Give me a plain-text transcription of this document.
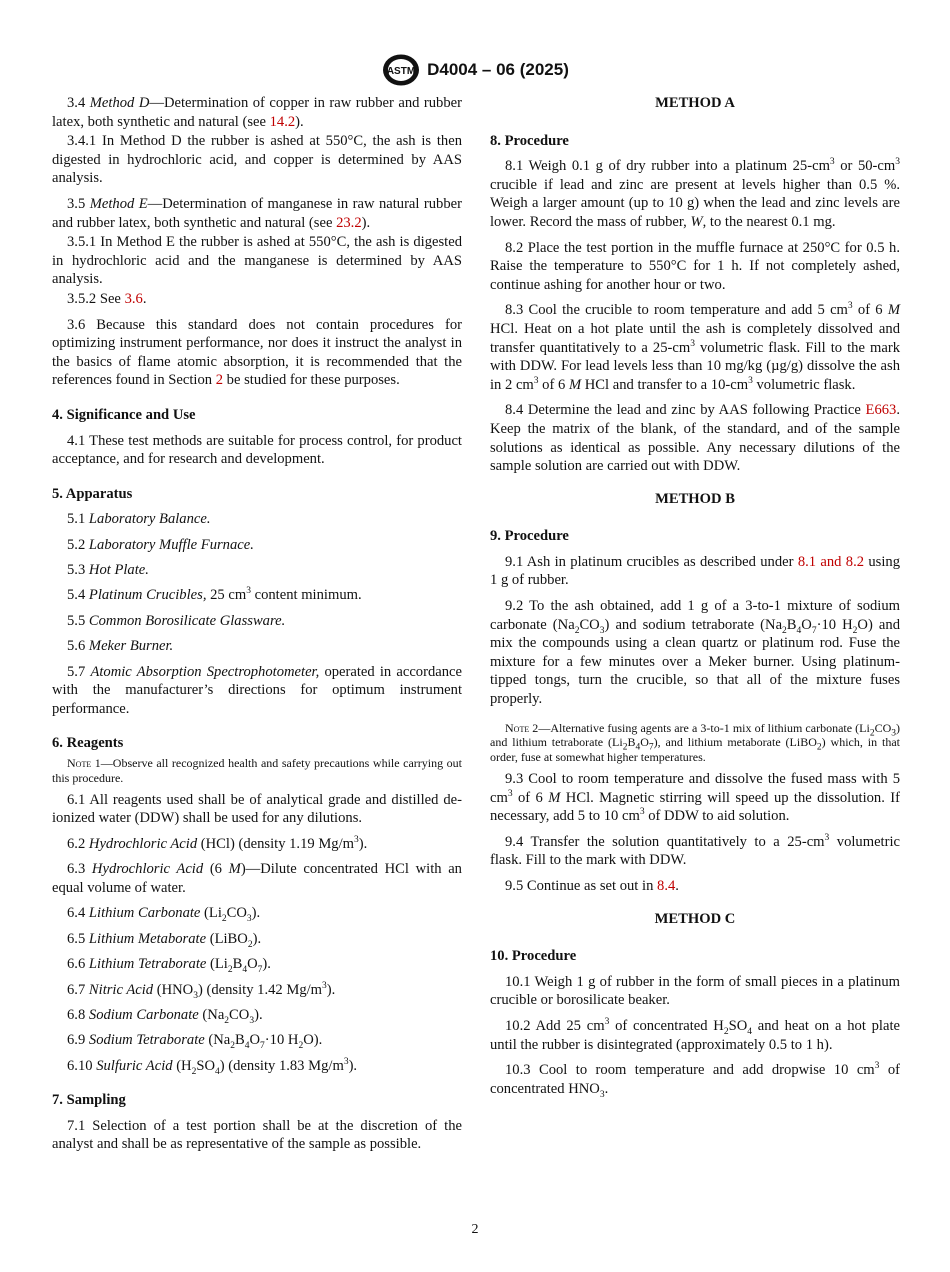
ASTM D4004 – 06 (2025)

3.4 Method D—Determination of copper in raw rubber and rubber latex, both synthetic and natural (see 14.2).

3.4.1 In Method D the rubber is ashed at 550°C, the ash is then digested in hydrochloric acid, and copper is determined by AAS analysis.

3.5 Method E—Determination of manganese in raw natural rubber and rubber latex, both synthetic and natural (see 23.2).

3.5.1 In Method E the rubber is ashed at 550°C, the ash is digested in hydrochloric acid and the manganese is determined by AAS analysis.

3.5.2 See 3.6.

3.6 Because this standard does not contain procedures for optimizing instrument performance, nor does it instruct the analyst in the basics of flame atomic absorption, it is recommended that the references found in Section 2 be studied for these purposes.

4. Significance and Use

4.1 These test methods are suitable for process control, for product acceptance, and for research and development.

5. Apparatus
5.1 Laboratory Balance.
5.2 Laboratory Muffle Furnace.
5.3 Hot Plate.
5.4 Platinum Crucibles, 25 $cm^3$ content minimum.
5.5 Common Borosilicate Glassware.
5.6 Meker Burner.

5.7 Atomic Absorption Spectrophotometer, operated in accordance with the manufacturer’s directions for optimum instrument performance.

6. Reagents
Note 1—Observe all recognized health and safety precautions while carrying out this procedure.

6.1 All reagents used shall be of analytical grade and distilled de-ionized water (DDW) shall be used for any dilutions.

6.2 Hydrochloric Acid (HCl) (density 1.19 $Mg/m^3$).

6.3 Hydrochloric Acid (6 M)—Dilute concentrated HCl with an equal volume of water.

6.4 Lithium Carbonate $(Li_2CO_3)$.
6.5 Lithium Metaborate (LiBO$_2$).
6.6 Lithium Tetraborate $(Li_2B_4O_7)$.
6.7 Nitric Acid $(HNO_3)$ (density 1.42 $Mg/m^3$).
6.8 Sodium Carbonate $(Na_2CO_3)$.
6.9 Sodium Tetraborate ($Na_2B_4O_7\cdot 10$ $H_2O$).
6.10 Sulfuric Acid $(H_2SO_4)$ (density 1.83 $Mg/m^3$).
7. Sampling

7.1 Selection of a test portion shall be at the discretion of the analyst and shall be as representative of the sample as possible.

METHOD A
8. Procedure

8.1 Weigh 0.1 g of dry rubber into a platinum $25-cm^3$ or $50-cm^3$ crucible if lead and zinc are present at levels higher than 0.5 %. Weigh a larger amount (up to 10 g) when the lead and zinc levels are lower. Record the mass of rubber, W, to the nearest 0.1 mg.

8.2 Place the test portion in the muffle furnace at 250°C for 0.5 h. Raise the temperature to 550°C for 1 h. If not completely ashed, continue ashing for another hour or two.

8.3 Cool the crucible to room temperature and add 5 $cm^3$ of 6 M HCl. Heat on a hot plate until the ash is completely dissolved and transfer quantitatively to a $25-cm^3$ volumetric flask. Fill to the mark with DDW. For lead levels less than 10 mg/kg (µg/g) dissolve the ash in 2 $cm^3$ of 6 M HCl and transfer to a $10-cm^3$ volumetric flask.

8.4 Determine the lead and zinc by AAS following Practice E663. Keep the matrix of the blank, of the standard, and of the sample solutions as identical as possible. Any necessary dilutions of the sample solution are carried out with DDW.

METHOD B
9. Procedure

9.1 Ash in platinum crucibles as described under 8.1 and 8.2 using 1 g of rubber.

9.2 To the ash obtained, add 1 g of a 3-to-1 mixture of sodium carbonate $(Na_2CO_3)$ and sodium tetraborate ($Na_2B_4O_7\cdot 10$ $H_2O$) and mix the compounds using a clean quartz or platinum rod. Fuse the mixture for a few minutes over a Meker burner. Using platinum-tipped tongs, turn the crucible, so that all of the mixture fuses properly.

Note 2—Alternative fusing agents are a 3-to-1 mix of lithium carbonate $(Li_2CO_3)$ and lithium tetraborate $(Li_2B_4O_7)$, and lithium metaborate (LiBO$_2$) which, in that order, fuse at somewhat higher temperatures.

9.3 Cool to room temperature and dissolve the fused mass with 5 $cm^3$ of 6 M HCl. Magnetic stirring will speed up the dissolution. If necessary, add 5 to 10 $cm^3$ of DDW to aid solution.

9.4 Transfer the solution quantitatively to a $25-cm^3$ volumetric flask. Fill to the mark with DDW.

9.5 Continue as set out in 8.4.

METHOD C
10. Procedure

10.1 Weigh 1 g of rubber in the form of small pieces in a platinum crucible or borosilicate beaker.

10.2 Add 25 $cm^3$ of concentrated $H_2SO_4$ and heat on a hot plate until the rubber is disintegrated (approximately 0.5 to 1 h).

10.3 Cool to room temperature and add dropwise 10 $cm^3$ of concentrated $HNO_3$.

2
